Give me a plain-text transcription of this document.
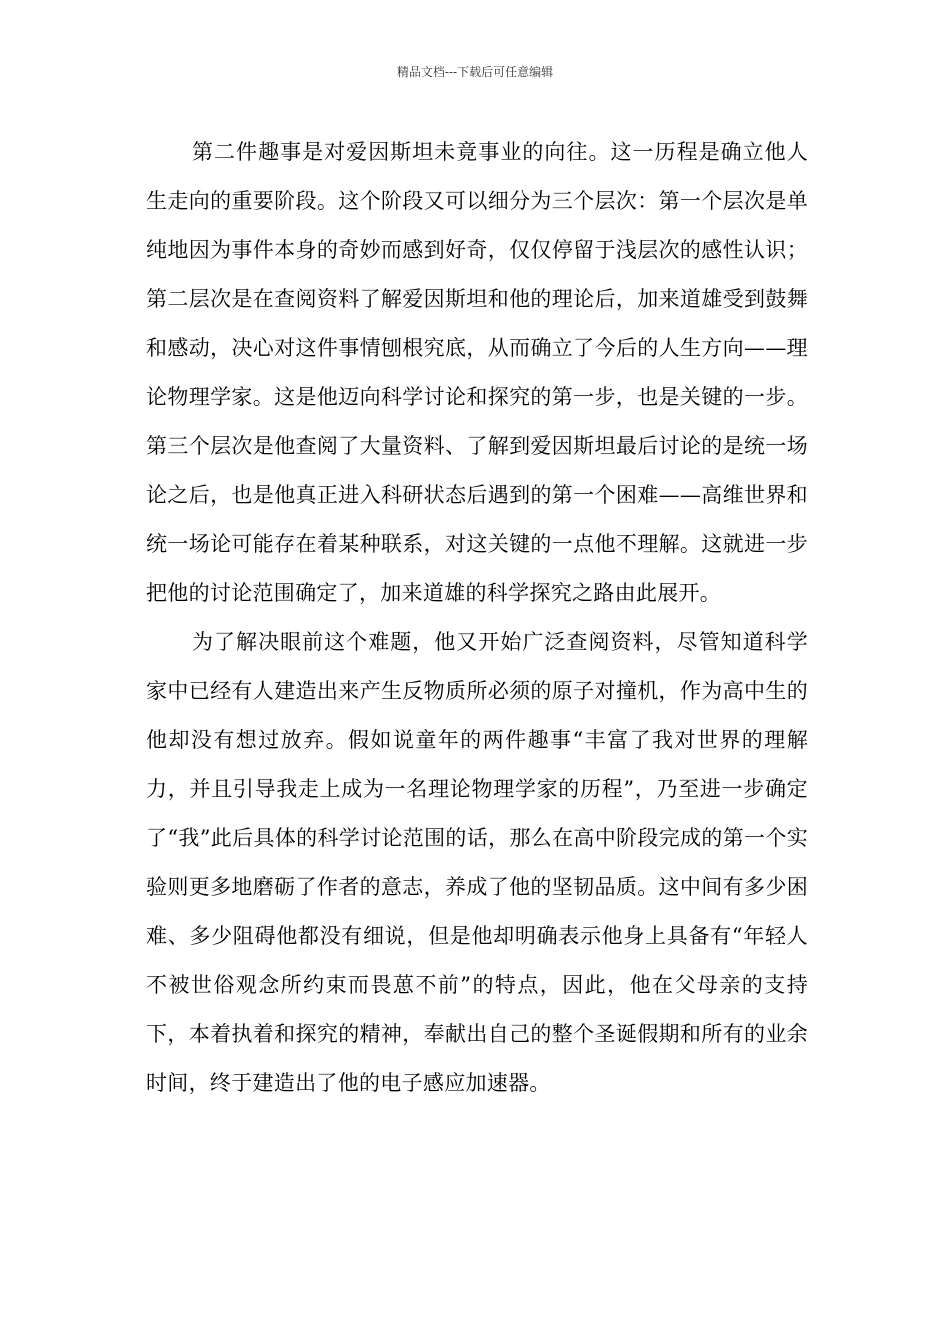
精品文档---下载后可任意编辑

第二件趣事是对爱因斯坦未竟事业的向往。这一历程是确立他人生走向的重要阶段。这个阶段又可以细分为三个层次：第一个层次是单纯地因为事件本身的奇妙而感到好奇，仅仅停留于浅层次的感性认识；第二层次是在查阅资料了解爱因斯坦和他的理论后，加来道雄受到鼓舞和感动，决心对这件事情刨根究底，从而确立了今后的人生方向——理论物理学家。这是他迈向科学讨论和探究的第一步，也是关键的一步。第三个层次是他查阅了大量资料、了解到爱因斯坦最后讨论的是统一场论之后，也是他真正进入科研状态后遇到的第一个困难——高维世界和统一场论可能存在着某种联系，对这关键的一点他不理解。这就进一步把他的讨论范围确定了，加来道雄的科学探究之路由此展开。

为了解决眼前这个难题，他又开始广泛查阅资料，尽管知道科学家中已经有人建造出来产生反物质所必须的原子对撞机，作为高中生的他却没有想过放弃。假如说童年的两件趣事“丰富了我对世界的理解力，并且引导我走上成为一名理论物理学家的历程”，乃至进一步确定了“我”此后具体的科学讨论范围的话，那么在高中阶段完成的第一个实验则更多地磨砺了作者的意志，养成了他的坚韧品质。这中间有多少困难、多少阻碍他都没有细说，但是他却明确表示他身上具备有“年轻人不被世俗观念所约束而畏葸不前”的特点，因此，他在父母亲的支持下，本着执着和探究的精神，奉献出自己的整个圣诞假期和所有的业余时间，终于建造出了他的电子感应加速器。
